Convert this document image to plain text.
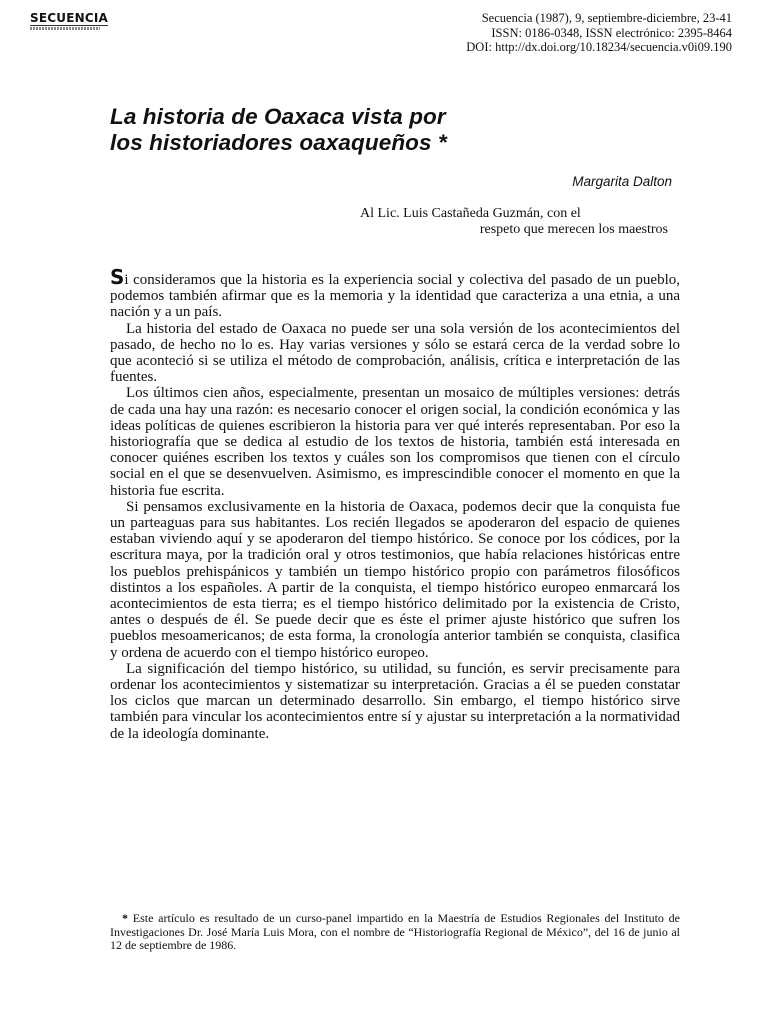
SECUENCIA	Secuencia (1987), 9, septiembre-diciembre, 23-41
ISSN: 0186-0348, ISSN electrónico: 2395-8464
DOI: http://dx.doi.org/10.18234/secuencia.v0i09.190
La historia de Oaxaca vista por
los historiadores oaxaqueños *
Margarita Dalton
Al Lic. Luis Castañeda Guzmán, con el
respeto que merecen los maestros

Si consideramos que la historia es la experiencia social y colectiva del pasado de un pueblo, podemos también afirmar que es la memoria y la identidad que caracteriza a una etnia, a una nación y a un país.

La historia del estado de Oaxaca no puede ser una sola versión de los acontecimientos del pasado, de hecho no lo es. Hay varias versiones y sólo se estará cerca de la verdad sobre lo que aconteció si se utiliza el método de comprobación, análisis, crítica e interpretación de las fuentes.

Los últimos cien años, especialmente, presentan un mosaico de múltiples versiones: detrás de cada una hay una razón: es necesario conocer el origen social, la condición económica y las ideas políticas de quienes escribieron la historia para ver qué interés representaban. Por eso la historiografía que se dedica al estudio de los textos de historia, también está interesada en conocer quiénes escriben los textos y cuáles son los compromisos que tienen con el círculo social en el que se desenvuelven. Asimismo, es imprescindible conocer el momento en que la historia fue escrita.

Si pensamos exclusivamente en la historia de Oaxaca, podemos decir que la conquista fue un parteaguas para sus habitantes. Los recién llegados se apoderaron del espacio de quienes estaban viviendo aquí y se apoderaron del tiempo histórico. Se conoce por los códices, por la escritura maya, por la tradición oral y otros testimonios, que había relaciones históricas entre los pueblos prehispánicos y también un tiempo histórico propio con parámetros filosóficos distintos a los españoles. A partir de la conquista, el tiempo histórico europeo enmarcará los acontecimientos de esta tierra; es el tiempo histórico delimitado por la existencia de Cristo, antes o después de él. Se puede decir que es éste el primer ajuste histórico que sufren los pueblos mesoamericanos; de esta forma, la cronología anterior también se conquista, clasifica y ordena de acuerdo con el tiempo histórico europeo.

La significación del tiempo histórico, su utilidad, su función, es servir precisamente para ordenar los acontecimientos y sistematizar su interpretación. Gracias a él se pueden constatar los ciclos que marcan un determinado desarrollo. Sin embargo, el tiempo histórico sirve también para vincular los acontecimientos entre sí y ajustar su interpretación a la normatividad de la ideología dominante.

* Este artículo es resultado de un curso-panel impartido en la Maestría de Estudios Regionales del Instituto de Investigaciones Dr. José María Luis Mora, con el nombre de “Historiografía Regional de México”, del 16 de junio al 12 de septiembre de 1986.
